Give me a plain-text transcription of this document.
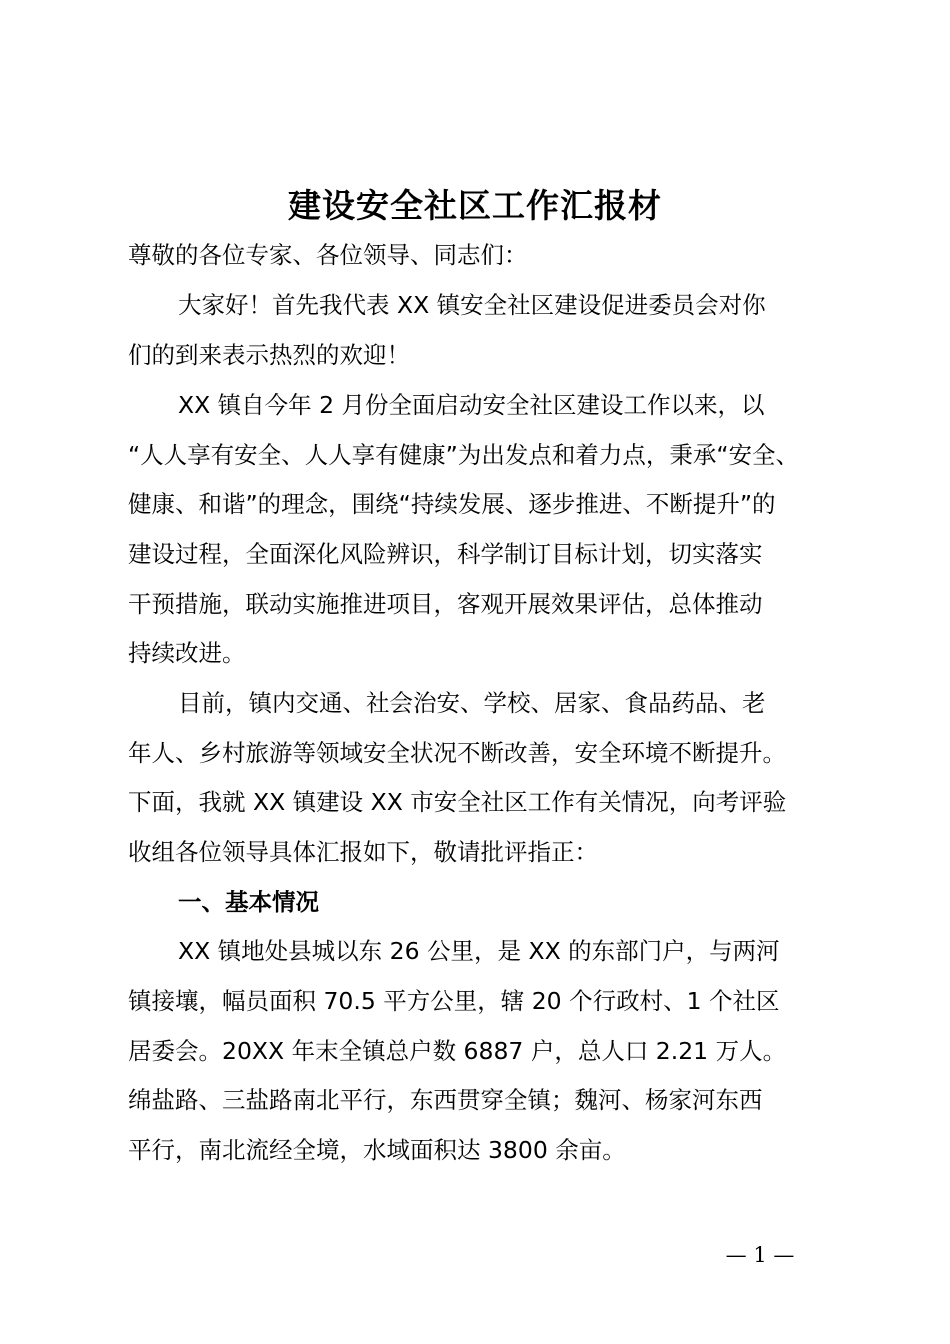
建设安全社区工作汇报材

尊敬的各位专家、各位领导、同志们：

大家好！首先我代表 XX 镇安全社区建设促进委员会对你

们的到来表示热烈的欢迎！

XX 镇自今年 2 月份全面启动安全社区建设工作以来，以

“人人享有安全、人人享有健康”为出发点和着力点，秉承“安全、

健康、和谐”的理念，围绕“持续发展、逐步推进、不断提升”的

建设过程，全面深化风险辨识，科学制订目标计划，切实落实

干预措施，联动实施推进项目，客观开展效果评估，总体推动

持续改进。

目前，镇内交通、社会治安、学校、居家、食品药品、老

年人、乡村旅游等领域安全状况不断改善，安全环境不断提升。

下面，我就 XX 镇建设 XX 市安全社区工作有关情况，向考评验

收组各位领导具体汇报如下，敬请批评指正：

一、基本情况

XX 镇地处县城以东 26 公里，是 XX 的东部门户，与两河

镇接壤，幅员面积 70.5 平方公里，辖 20 个行政村、1 个社区

居委会。20XX 年末全镇总户数 6887 户，总人口 2.21 万人。

绵盐路、三盐路南北平行，东西贯穿全镇；魏河、杨家河东西

平行，南北流经全境，水域面积达 3800 余亩。

— 1 —
